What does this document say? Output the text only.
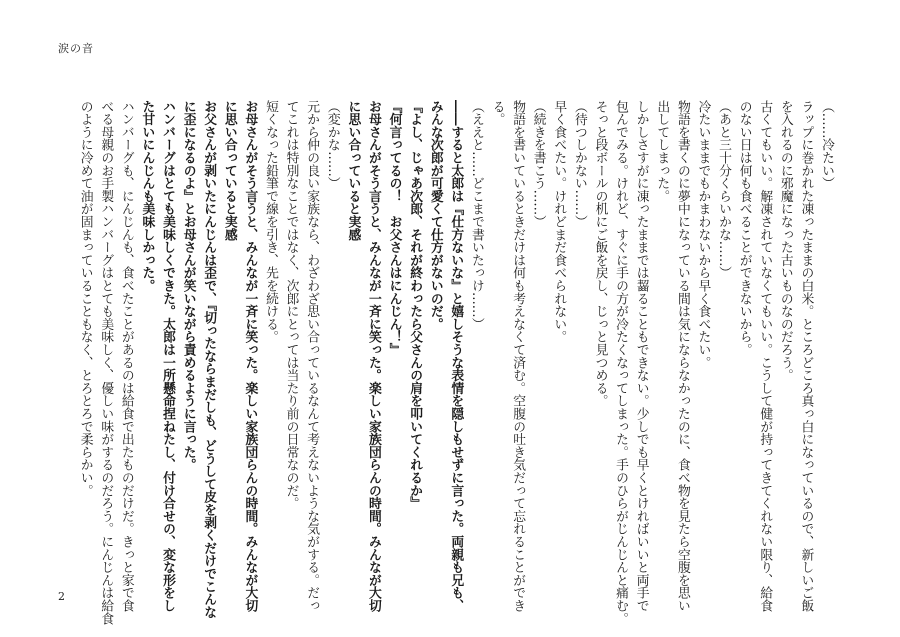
涙の音
（……冷たい）
ラップに巻かれた凍ったままの白米。ところどころ真っ白になっているので、新しいご飯
を入れるのに邪魔になった古いものなのだろう。
古くてもいい。解凍されていなくてもいい。こうして健が持ってきてくれない限り、給食
のない日は何も食べることができないから。
（あと三十分くらいかな……）
冷たいままでもかまわないから早く食べたい。
物語を書くのに夢中になっている間は気にならなかったのに、食べ物を見たら空腹を思い
出してしまった。
しかしさすがに凍ったままでは齧ることもできない。少しでも早くとければいいと両手で
包んでみる。けれど、すぐに手の方が冷たくなってしまった。手のひらがじんじんと痛む。
そっと段ボールの机にご飯を戻し、じっと見つめる。
（待つしかない……）
早く食べたい。けれどまだ食べられない。
（続きを書こう……）
物語を書いているときだけは何も考えなくて済む。空腹の吐き気だって忘れることができ
る。
（ええと……どこまで書いたっけ……）
――すると太郎は『仕方ないな』と嬉しそうな表情を隠しもせずに言った。両親も兄も、
みんな次郎が可愛くて仕方がないのだ。
『よし、じゃあ次郎、それが終わったら父さんの肩を叩いてくれるか』
『何言ってるの！　お父さんはにんじん！』
お母さんがそう言うと、みんなが一斉に笑った。楽しい家族団らんの時間。みんなが大切
に思い合っていると実感
（変かな……）
元から仲の良い家族なら、わざわざ思い合っているなんて考えないような気がする。だっ
てこれは特別なことではなく、次郎にとっては当たり前の日常なのだ。
短くなった鉛筆で線を引き、先を続ける。
お母さんがそう言うと、みんなが一斉に笑った。楽しい家族団らんの時間。みんなが大切
に思い合っていると実感
お父さんが剥いたにんじんは歪で、『切ったならまだしも、どうして皮を剥くだけでこんな
に歪になるのよ』とお母さんが笑いながら責めるように言った。
ハンバーグはとても美味しくできた。太郎は一所懸命捏ねたし、付け合せの、変な形をし
た甘いにんじんも美味しかった。
ハンバーグも、にんじんも、食べたことがあるのは給食で出たものだけだ。きっと家で食
べる母親のお手製ハンバーグはとても美味しく、優しい味がするのだろう。にんじんは給食
のように冷めて油が固まっていることもなく、とろとろで柔らかい。
2
